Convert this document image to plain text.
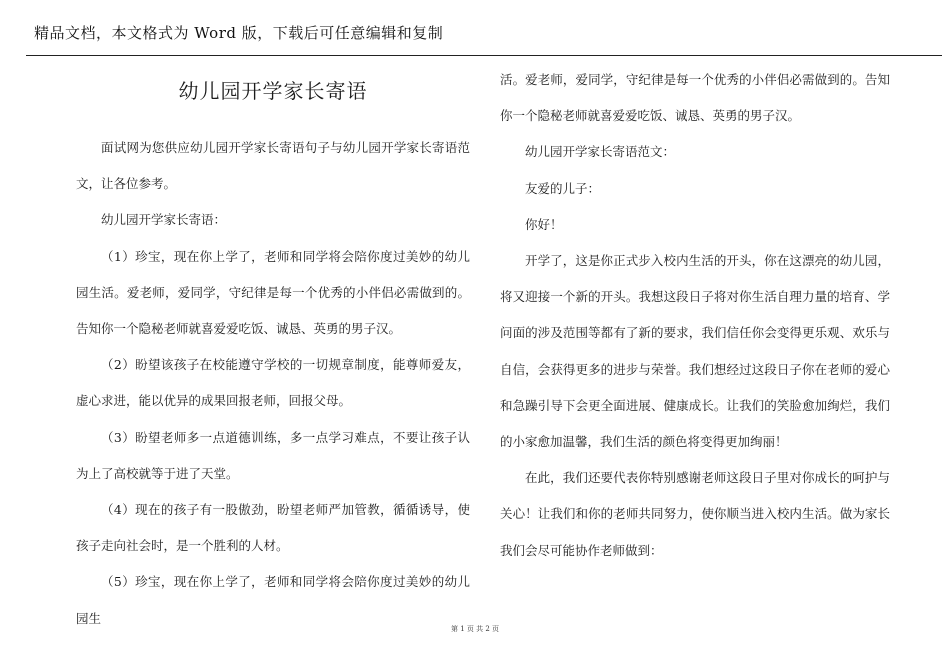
精品文档，本文格式为 Word 版，下载后可任意编辑和复制
幼儿园开学家长寄语

面试网为您供应幼儿园开学家长寄语句子与幼儿园开学家长寄语范文，让各位参考。

幼儿园开学家长寄语：

（1）珍宝，现在你上学了，老师和同学将会陪你度过美妙的幼儿园生活。爱老师，爱同学，守纪律是每一个优秀的小伴侣必需做到的。告知你一个隐秘老师就喜爱爱吃饭、诚恳、英勇的男子汉。

（2）盼望该孩子在校能遵守学校的一切规章制度，能尊师爱友，虚心求进，能以优异的成果回报老师，回报父母。

（3）盼望老师多一点道德训练，多一点学习难点，不要让孩子认为上了高校就等于进了天堂。

（4）现在的孩子有一股傲劲，盼望老师严加管教，循循诱导，使孩子走向社会时，是一个胜利的人材。

（5）珍宝，现在你上学了，老师和同学将会陪你度过美妙的幼儿园生

活。爱老师，爱同学，守纪律是每一个优秀的小伴侣必需做到的。告知你一个隐秘老师就喜爱爱吃饭、诚恳、英勇的男子汉。

幼儿园开学家长寄语范文：

友爱的儿子：

你好！

开学了，这是你正式步入校内生活的开头，你在这漂亮的幼儿园，将又迎接一个新的开头。我想这段日子将对你生活自理力量的培育、学问面的涉及范围等都有了新的要求，我们信任你会变得更乐观、欢乐与自信，会获得更多的进步与荣誉。我们想经过这段日子你在老师的爱心和急躁引导下会更全面进展、健康成长。让我们的笑脸愈加绚烂，我们的小家愈加温馨，我们生活的颜色将变得更加绚丽！

在此，我们还要代表你特别感谢老师这段日子里对你成长的呵护与关心！让我们和你的老师共同努力，使你顺当进入校内生活。做为家长我们会尽可能协作老师做到：

第 1 页 共 2 页
